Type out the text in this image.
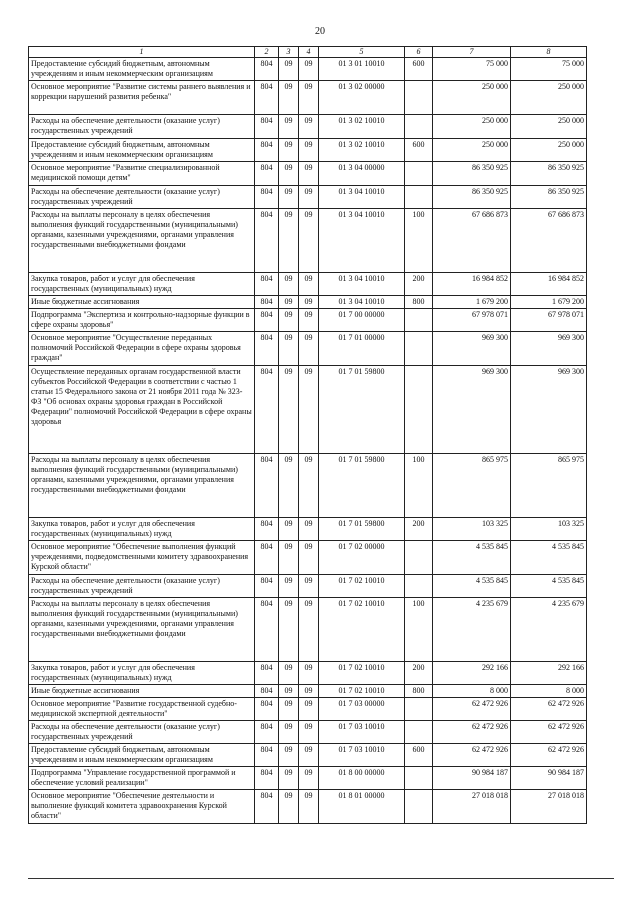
20
1	2	3	4	5	6	7	8
Предоставление субсидий бюджетным, автономным учреждениям и иным некоммерческим организациям	804	09	09	01 3 01 10010	600	75 000	75 000
Основное мероприятие "Развитие системы раннего выявления и коррекции нарушений развития ребенка"	804	09	09	01 3 02 00000		250 000	250 000
Расходы на обеспечение деятельности (оказание услуг) государственных учреждений	804	09	09	01 3 02 10010		250 000	250 000
Предоставление субсидий бюджетным, автономным учреждениям и иным некоммерческим организациям	804	09	09	01 3 02 10010	600	250 000	250 000
Основное мероприятие "Развитие специализированной медицинской помощи детям"	804	09	09	01 3 04 00000		86 350 925	86 350 925
Расходы на обеспечение деятельности (оказание услуг) государственных учреждений	804	09	09	01 3 04 10010		86 350 925	86 350 925
Расходы на выплаты персоналу в целях обеспечения выполнения функций государственными (муниципальными) органами, казенными учреждениями, органами управления государственными внебюджетными фондами	804	09	09	01 3 04 10010	100	67 686 873	67 686 873
Закупка товаров, работ и услуг для обеспечения государственных (муниципальных) нужд	804	09	09	01 3 04 10010	200	16 984 852	16 984 852
Иные бюджетные ассигнования	804	09	09	01 3 04 10010	800	1 679 200	1 679 200
Подпрограмма "Экспертиза и контрольно-надзорные функции в сфере охраны здоровья"	804	09	09	01 7 00 00000		67 978 071	67 978 071
Основное мероприятие "Осуществление переданных полномочий Российской Федерации в сфере охраны здоровья граждан"	804	09	09	01 7 01 00000		969 300	969 300
Осуществление переданных органам государственной власти субъектов Российской Федерации в соответствии с частью 1 статьи 15 Федерального закона от 21 ноября 2011 года № 323-ФЗ "Об основах охраны здоровья граждан в Российской Федерации" полномочий Российской Федерации в сфере охраны здоровья	804	09	09	01 7 01 59800		969 300	969 300
Расходы на выплаты персоналу в целях обеспечения выполнения функций государственными (муниципальными) органами, казенными учреждениями, органами управления государственными внебюджетными фондами	804	09	09	01 7 01 59800	100	865 975	865 975
Закупка товаров, работ и услуг для обеспечения государственных (муниципальных) нужд	804	09	09	01 7 01 59800	200	103 325	103 325
Основное мероприятие "Обеспечение выполнения функций учреждениями, подведомственными комитету здравоохранения Курской области"	804	09	09	01 7 02 00000		4 535 845	4 535 845
Расходы на обеспечение деятельности (оказание услуг) государственных учреждений	804	09	09	01 7 02 10010		4 535 845	4 535 845
Расходы на выплаты персоналу в целях обеспечения выполнения функций государственными (муниципальными) органами, казенными учреждениями, органами управления государственными внебюджетными фондами	804	09	09	01 7 02 10010	100	4 235 679	4 235 679
Закупка товаров, работ и услуг для обеспечения государственных (муниципальных) нужд	804	09	09	01 7 02 10010	200	292 166	292 166
Иные бюджетные ассигнования	804	09	09	01 7 02 10010	800	8 000	8 000
Основное мероприятие "Развитие государственной судебно-медицинской экспертной деятельности"	804	09	09	01 7 03 00000		62 472 926	62 472 926
Расходы на обеспечение деятельности (оказание услуг) государственных учреждений	804	09	09	01 7 03 10010		62 472 926	62 472 926
Предоставление субсидий бюджетным, автономным учреждениям и иным некоммерческим организациям	804	09	09	01 7 03 10010	600	62 472 926	62 472 926
Подпрограмма "Управление государственной программой и обеспечение условий реализации"	804	09	09	01 8 00 00000		90 984 187	90 984 187
Основное мероприятие "Обеспечение деятельности и выполнение функций комитета здравоохранения Курской области"	804	09	09	01 8 01 00000		27 018 018	27 018 018
